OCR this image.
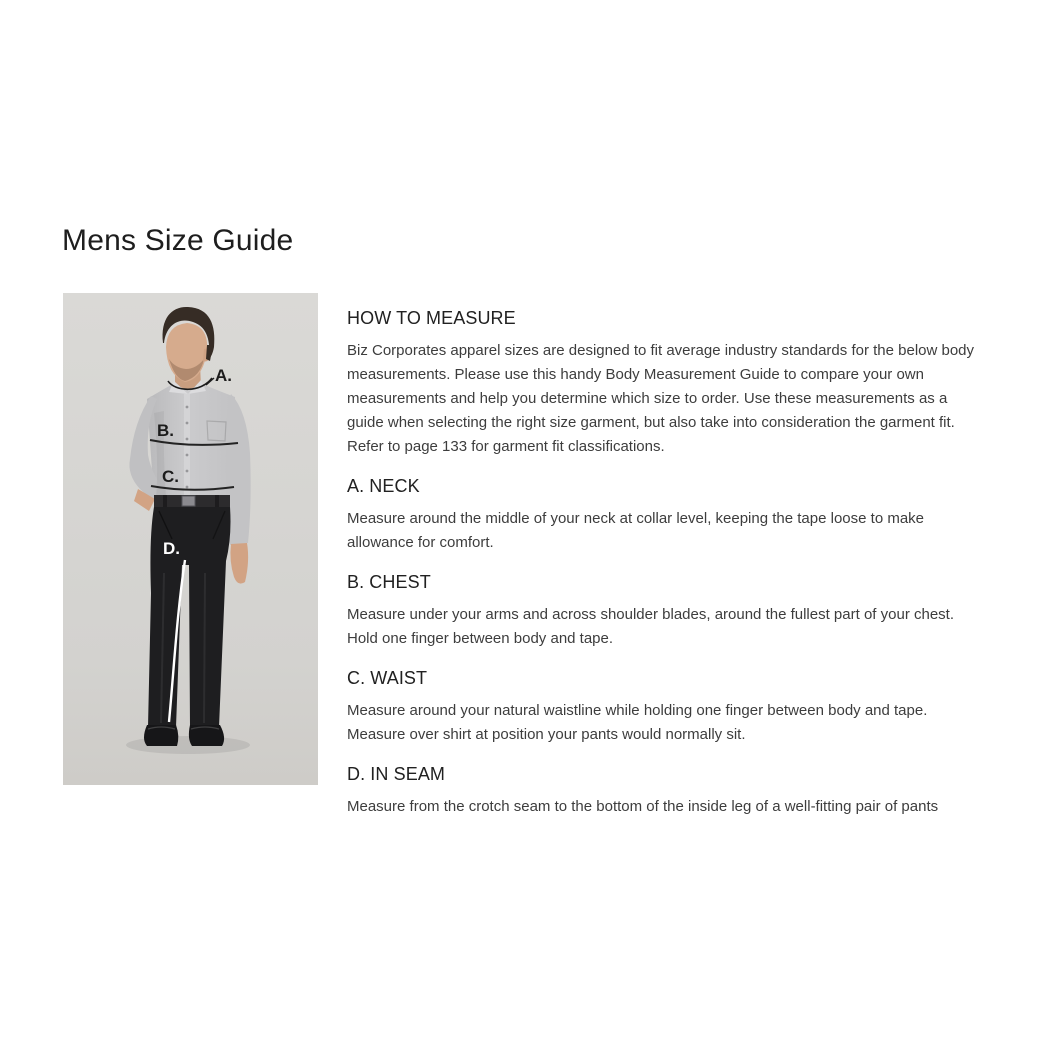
Mens Size Guide
A.
B.
C.
D.
HOW TO MEASURE

Biz Corporates apparel sizes are designed to fit average industry standards for the below body measurements. Please use this handy Body Measurement Guide to compare your own measurements and help you determine which size to order. Use these measurements as a guide when selecting the right size garment, but also take into consideration the garment fit. Refer to page 133 for garment fit classifications.

A. NECK

Measure around the middle of your neck at collar level, keeping the tape loose to make allowance for comfort.

B. CHEST

Measure under your arms and across shoulder blades, around the fullest part of your chest. Hold one finger between body and tape.

C. WAIST

Measure around your natural waistline while holding one finger between body and tape. Measure over shirt at position your pants would normally sit.

D. IN SEAM

Measure from the crotch seam to the bottom of the inside leg of a well-fitting pair of pants
